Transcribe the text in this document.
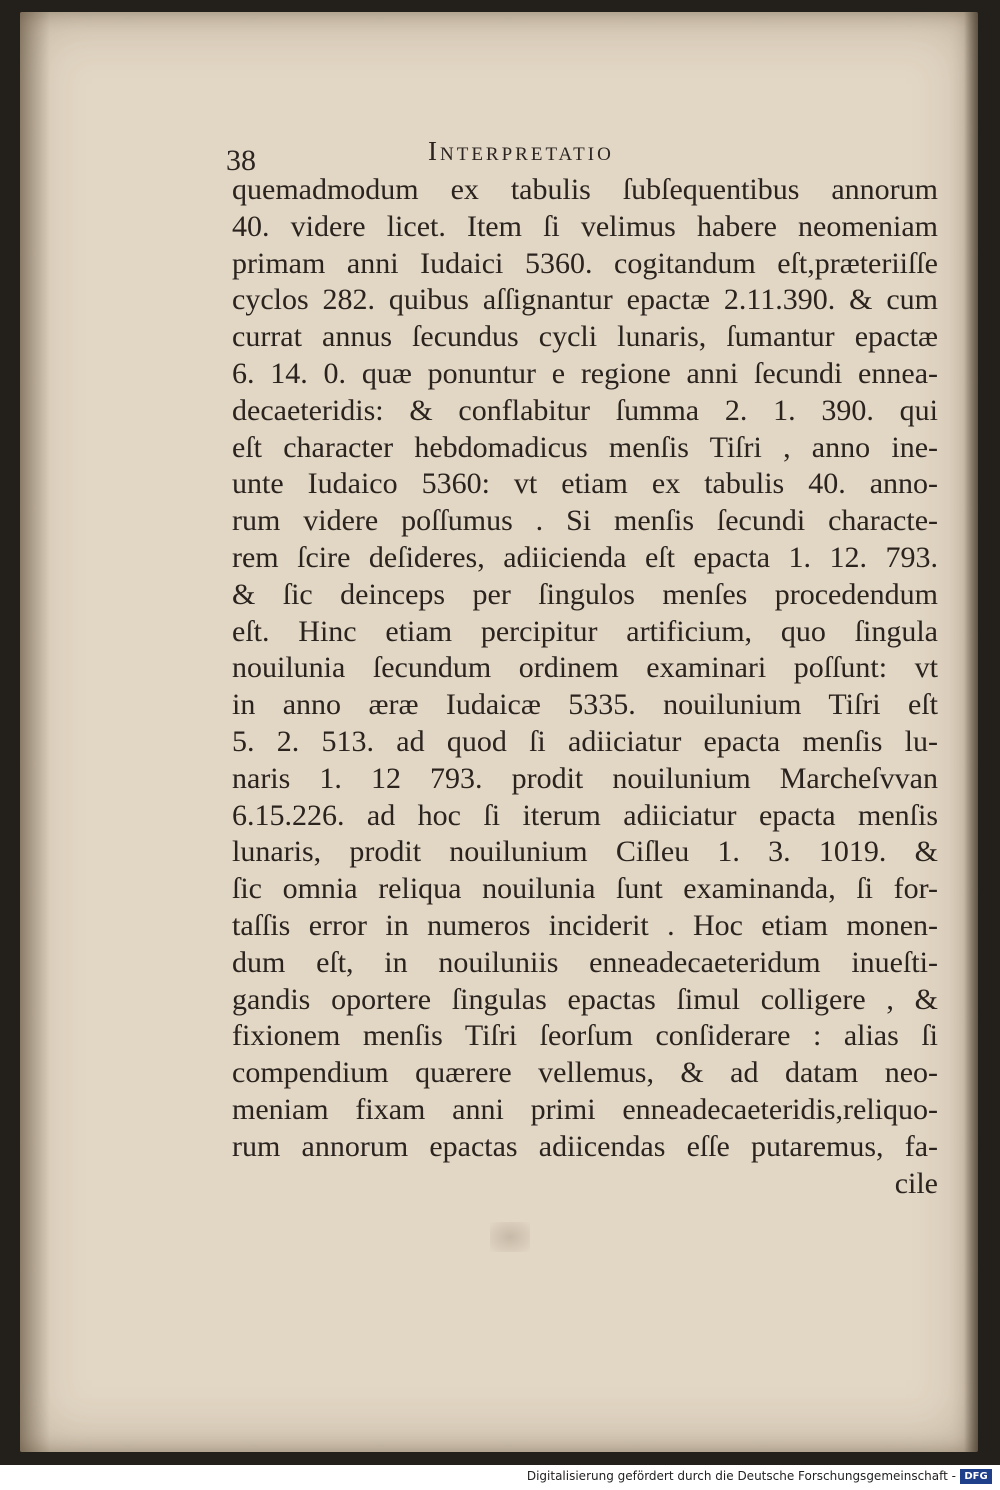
38	Interpretatio
quemadmodum ex tabulis ſubſequentibus annorum
40. videre licet. Item ſi velimus habere neomeniam
primam anni Iudaici 5360. cogitandum eſt,præteriiſſe
cyclos 282. quibus aſſignantur epactæ 2.11.390. & cum
currat annus ſecundus cycli lunaris, ſumantur epactæ
6. 14. 0. quæ ponuntur e regione anni ſecundi ennea-
decaeteridis: & conflabitur ſumma 2. 1. 390. qui
eſt character hebdomadicus menſis Tiſri , anno ine-
unte Iudaico 5360: vt etiam ex tabulis 40. anno-
rum videre poſſumus . Si menſis ſecundi characte-
rem ſcire deſideres, adiicienda eſt epacta 1. 12. 793.
& ſic deinceps per ſingulos menſes procedendum
eſt. Hinc etiam percipitur artificium, quo ſingula
nouilunia ſecundum ordinem examinari poſſunt: vt
in anno æræ Iudaicæ 5335. nouilunium Tiſri eſt
5. 2. 513. ad quod ſi adiiciatur epacta menſis lu-
naris 1. 12 793. prodit nouilunium Marcheſvvan
6.15.226. ad hoc ſi iterum adiiciatur epacta menſis
lunaris, prodit nouilunium Ciſleu 1. 3. 1019. &
ſic omnia reliqua nouilunia ſunt examinanda, ſi for-
taſſis error in numeros inciderit . Hoc etiam monen-
dum eſt, in nouiluniis enneadecaeteridum inueſti-
gandis oportere ſingulas epactas ſimul colligere , &
fixionem menſis Tiſri ſeorſum conſiderare : alias ſi
compendium quærere vellemus, & ad datam neo-
meniam fixam anni primi enneadecaeteridis,reliquo-
rum annorum epactas adiicendas eſſe putaremus, fa-
cile
Digitalisierung gefördert durch die Deutsche Forschungsgemeinschaft - DFG
